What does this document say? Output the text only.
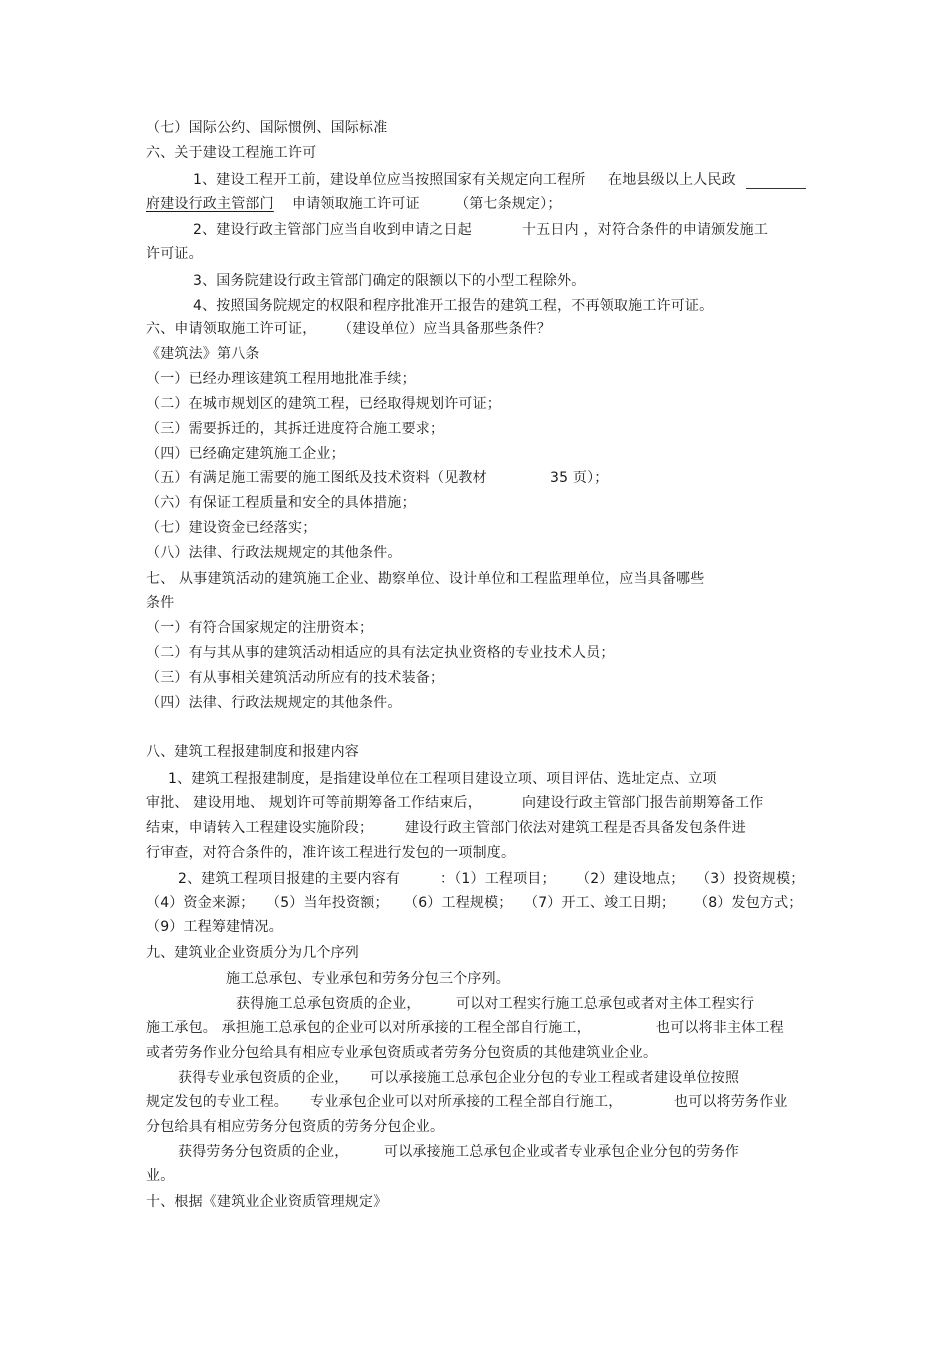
（七）国际公约、国际惯例、国际标准
六、关于建设工程施工许可
1、建设工程开工前，建设单位应当按照国家有关规定向工程所 在地县级以上人民政
府建设行政主管部门 申请领取施工许可证	（第七条规定）；
2、建设行政主管部门应当自收到申请之日起	十五日内 ，对符合条件的申请颁发施工
许可证。
3、国务院建设行政主管部门确定的限额以下的小型工程除外。
4、按照国务院规定的权限和程序批准开工报告的建筑工程，不再领取施工许可证。
六、申请领取施工许可证， （建设单位）应当具备那些条件？
《建筑法》第八条
（一）已经办理该建筑工程用地批准手续；
（二）在城市规划区的建筑工程，已经取得规划许可证；
（三）需要拆迁的，其拆迁进度符合施工要求；
（四）已经确定建筑施工企业；
（五）有满足施工需要的施工图纸及技术资料（见教材	35 页）；
（六）有保证工程质量和安全的具体措施；
（七）建设资金已经落实；
（八）法律、行政法规规定的其他条件。
七、 从事建筑活动的建筑施工企业、勘察单位、设计单位和工程监理单位，应当具备哪些
条件
（一）有符合国家规定的注册资本；
（二）有与其从事的建筑活动相适应的具有法定执业资格的专业技术人员；
（三）有从事相关建筑活动所应有的技术装备；
（四）法律、行政法规规定的其他条件。
八、建筑工程报建制度和报建内容
1、建筑工程报建制度，是指建设单位在工程项目建设立项、项目评估、选址定点、立项
审批、 建设用地、 规划许可等前期筹备工作结束后，	向建设行政主管部门报告前期筹备工作
结束，申请转入工程建设实施阶段； 建设行政主管部门依法对建筑工程是否具备发包条件进
行审查，对符合条件的，准许该工程进行发包的一项制度。
2、建筑工程项目报建的主要内容有	：（1）工程项目； （2）建设地点； （3）投资规模；
（4）资金来源； （5）当年投资额； （6）工程规模； （7）开工、竣工日期； （8）发包方式；
（9）工程筹建情况。
九、建筑业企业资质分为几个序列
施工总承包、专业承包和劳务分包三个序列。
获得施工总承包资质的企业，	可以对工程实行施工总承包或者对主体工程实行
施工承包。 承担施工总承包的企业可以对所承接的工程全部自行施工，	也可以将非主体工程
或者劳务作业分包给具有相应专业承包资质或者劳务分包资质的其他建筑业企业。
获得专业承包资质的企业， 可以承接施工总承包企业分包的专业工程或者建设单位按照
规定发包的专业工程。 专业承包企业可以对所承接的工程全部自行施工，	也可以将劳务作业
分包给具有相应劳务分包资质的劳务分包企业。
获得劳务分包资质的企业，	可以承接施工总承包企业或者专业承包企业分包的劳务作
业。
十、根据《建筑业企业资质管理规定》
